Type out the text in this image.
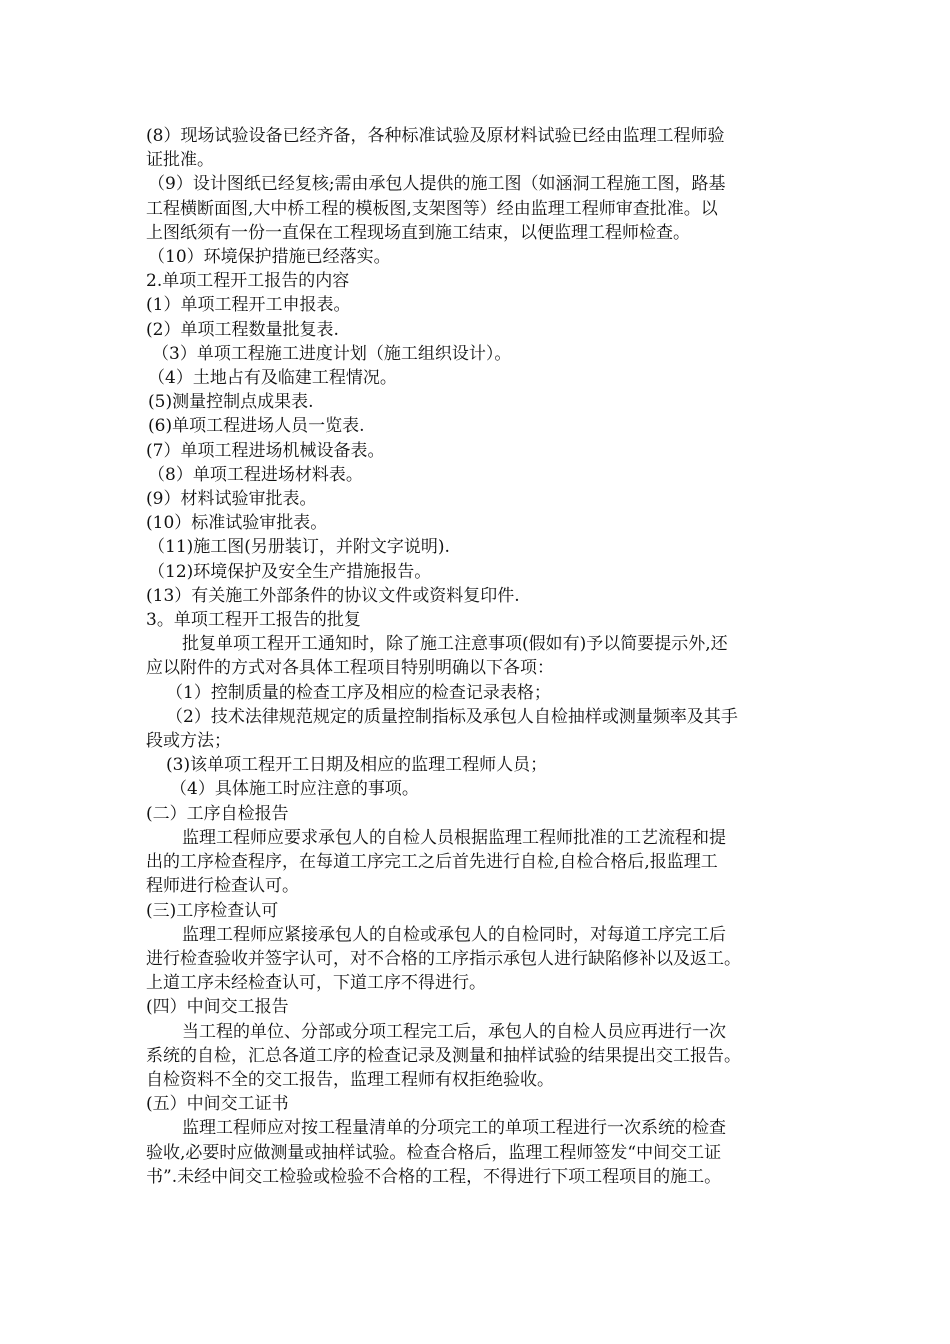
(8）现场试验设备已经齐备，各种标准试验及原材料试验已经由监理工程师验
证批准。
（9）设计图纸已经复核;需由承包人提供的施工图（如涵洞工程施工图，路基
工程横断面图,大中桥工程的模板图,支架图等）经由监理工程师审查批准。以
上图纸须有一份一直保在工程现场直到施工结束，以便监理工程师检查。
（10）环境保护措施已经落实。
2.单项工程开工报告的内容
(1）单项工程开工申报表。
(2）单项工程数量批复表.
（3）单项工程施工进度计划（施工组织设计）。
（4）土地占有及临建工程情况。
(5)测量控制点成果表.
(6)单项工程进场人员一览表.
(7）单项工程进场机械设备表。
（8）单项工程进场材料表。
(9）材料试验审批表。
(10）标准试验审批表。
（11)施工图(另册装订，并附文字说明).
（12)环境保护及安全生产措施报告。
(13）有关施工外部条件的协议文件或资料复印件.
3。单项工程开工报告的批复
批复单项工程开工通知时，除了施工注意事项(假如有)予以简要提示外,还
应以附件的方式对各具体工程项目特别明确以下各项：
（1）控制质量的检查工序及相应的检查记录表格；
（2）技术法律规范规定的质量控制指标及承包人自检抽样或测量频率及其手
段或方法；
(3)该单项工程开工日期及相应的监理工程师人员；
（4）具体施工时应注意的事项。
(二）工序自检报告
监理工程师应要求承包人的自检人员根据监理工程师批准的工艺流程和提
出的工序检查程序，在每道工序完工之后首先进行自检,自检合格后,报监理工
程师进行检查认可。
(三)工序检查认可
监理工程师应紧接承包人的自检或承包人的自检同时，对每道工序完工后
进行检查验收并签字认可，对不合格的工序指示承包人进行缺陷修补以及返工。
上道工序未经检查认可，下道工序不得进行。
(四）中间交工报告
当工程的单位、分部或分项工程完工后，承包人的自检人员应再进行一次
系统的自检，汇总各道工序的检查记录及测量和抽样试验的结果提出交工报告。
自检资料不全的交工报告，监理工程师有权拒绝验收。
(五）中间交工证书
监理工程师应对按工程量清单的分项完工的单项工程进行一次系统的检查
验收,必要时应做测量或抽样试验。检查合格后，监理工程师签发“中间交工证
书”.未经中间交工检验或检验不合格的工程，不得进行下项工程项目的施工。
